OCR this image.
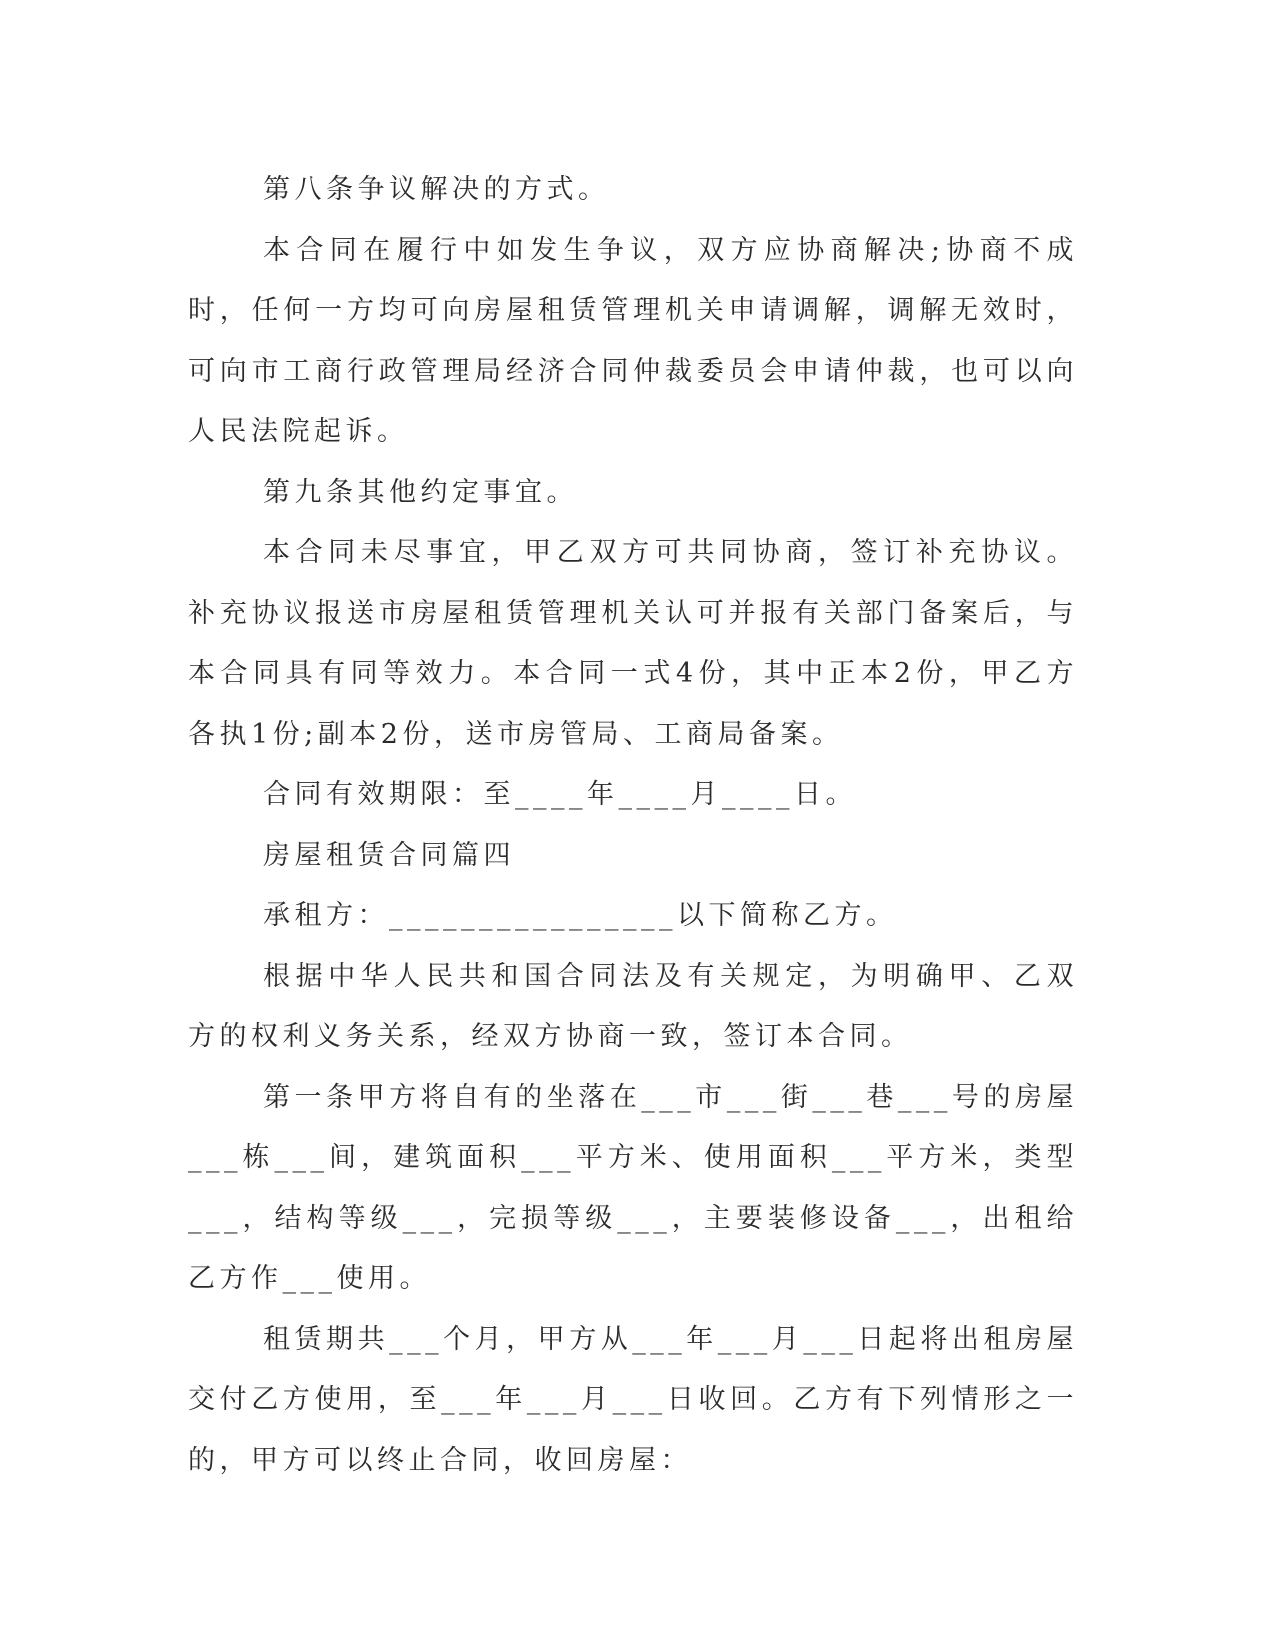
第八条争议解决的方式。

本合同在履行中如发生争议，双方应协商解决;协商不成时，任何一方均可向房屋租赁管理机关申请调解，调解无效时，可向市工商行政管理局经济合同仲裁委员会申请仲裁，也可以向人民法院起诉。

第九条其他约定事宜。

本合同未尽事宜，甲乙双方可共同协商，签订补充协议。补充协议报送市房屋租赁管理机关认可并报有关部门备案后，与本合同具有同等效力。本合同一式4份，其中正本2份，甲乙方各执1份;副本2份，送市房管局、工商局备案。

合同有效期限：至____年____月____日。

房屋租赁合同篇四

承租方：________________以下简称乙方。

根据中华人民共和国合同法及有关规定，为明确甲、乙双方的权利义务关系，经双方协商一致，签订本合同。

第一条甲方将自有的坐落在___市___街___巷___号的房屋___栋___间，建筑面积___平方米、使用面积___平方米，类型___，结构等级___，完损等级___，主要装修设备___，出租给乙方作___使用。

租赁期共___个月，甲方从___年___月___日起将出租房屋交付乙方使用，至___年___月___日收回。乙方有下列情形之一的，甲方可以终止合同，收回房屋：
